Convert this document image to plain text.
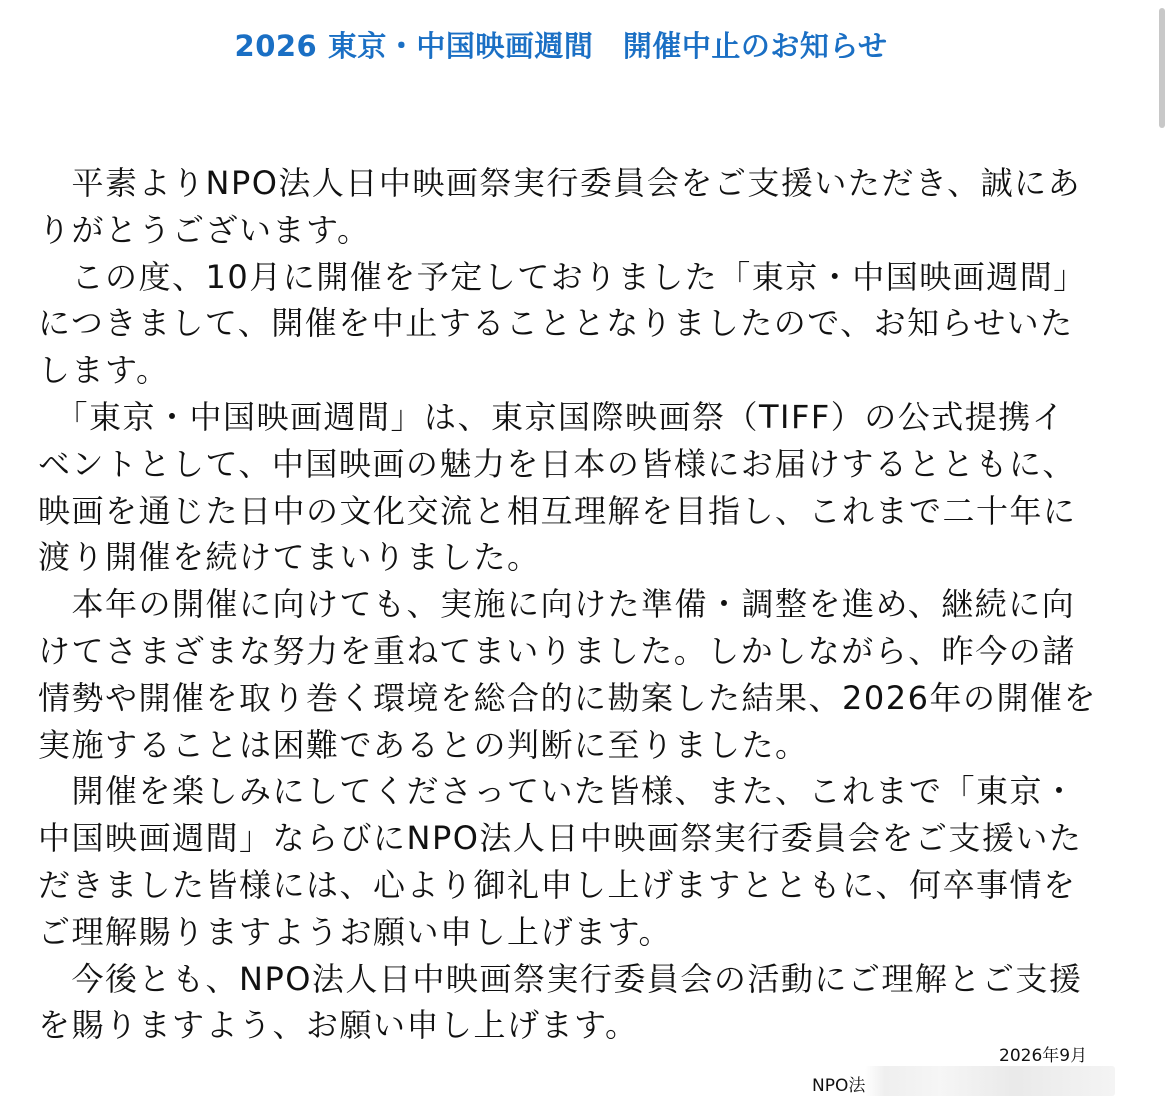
2026 東京・中国映画週間　開催中止のお知らせ
　平素よりNPO法人日中映画祭実行委員会をご支援いただき、誠にあ
りがとうございます。
　この度、10月に開催を予定しておりました「東京・中国映画週間」
につきまして、開催を中止することとなりましたので、お知らせいた
します。
　「東京・中国映画週間」は、東京国際映画祭（TIFF）の公式提携イ
ベントとして、中国映画の魅力を日本の皆様にお届けするとともに、
映画を通じた日中の文化交流と相互理解を目指し、これまで二十年に
渡り開催を続けてまいりました。
　本年の開催に向けても、実施に向けた準備・調整を進め、継続に向
けてさまざまな努力を重ねてまいりました。しかしながら、昨今の諸
情勢や開催を取り巻く環境を総合的に勘案した結果、2026年の開催を
実施することは困難であるとの判断に至りました。
　開催を楽しみにしてくださっていた皆様、また、これまで「東京・
中国映画週間」ならびにNPO法人日中映画祭実行委員会をご支援いた
だきました皆様には、心より御礼申し上げますとともに、何卒事情を
ご理解賜りますようお願い申し上げます。
　今後とも、NPO法人日中映画祭実行委員会の活動にご理解とご支援
を賜りますよう、お願い申し上げます。
2026年9月
NPO法
